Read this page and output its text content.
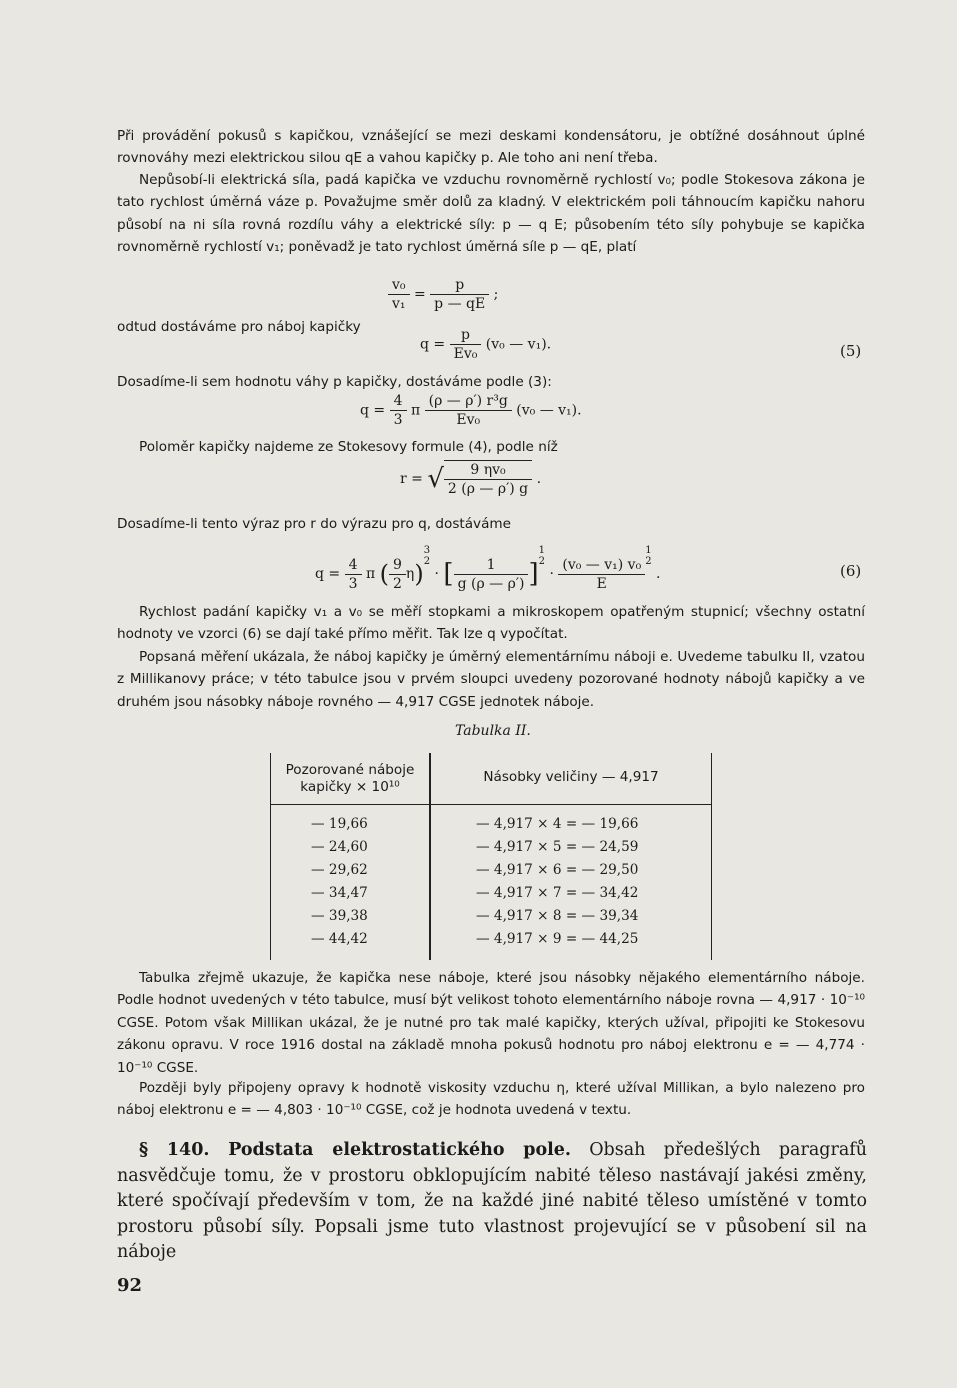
Při provádění pokusů s kapičkou, vznášející se mezi deskami kondensátoru, je obtížné dosáhnout úplné rovnováhy mezi elektrickou silou qE a vahou kapičky p. Ale toho ani není třeba.

Nepůsobí-li elektrická síla, padá kapička ve vzduchu rovnoměrně rychlostí v₀; podle Stokesova zákona je tato rychlost úměrná váze p. Považujme směr dolů za kladný. V elektrickém poli táhnoucím kapičku nahoru působí na ni síla rovná rozdílu váhy a elektrické síly: p — q E; působením této síly pohybuje se kapička rovnoměrně rychlostí v₁; poněvadž je tato rychlost úměrná síle p — qE, platí

$\frac{\text{v₀}}{\text{v₁}} = \frac{p}{p — qE}$ ;

odtud dostáváme pro náboj kapičky

$q = \frac{p}{\text{Ev₀}} (v_0$ — v₁).	(5)

Dosadíme-li sem hodnotu váhy p kapičky, dostáváme podle (3):

$q = \frac{4}{3}$ π $\frac{\text{(ρ — ρ′) r³g}}{\text{Ev₀}} (v_0$ — v₁).

Poloměr kapičky najdeme ze Stokesovy formule (4), podle níž

r = √ $\frac{\text{9 ηv₀}}{2 (\rho — \rho') g}$ .

Dosadíme-li tento výraz pro r do výrazu pro q, dostáváme

$q = \frac{4}{3}$ π ( $\frac{9}{2} \eta)^{3 2}$ · [ $\frac{1}{g (\rho — \rho')} ]^{1 2} \cdot \frac{\text{(v₀ — v₁) v₀}}{E}$
$^{1 2}$ .	(6)

Rychlost padání kapičky v₁ a v₀ se měří stopkami a mikroskopem opatřeným stupnicí; všechny ostatní hodnoty ve vzorci (6) se dají také přímo měřit. Tak lze q vypočítat.

Popsaná měření ukázala, že náboj kapičky je úměrný elementárnímu náboji e. Uvedeme tabulku II, vzatou z Millikanovy práce; v této tabulce jsou v prvém sloupci uvedeny pozorované hodnoty nábojů kapičky a ve druhém jsou násobky náboje rovného — 4,917 CGSE jednotek náboje.

Tabulka II.
Pozorované náboje
kapičky × 10¹⁰
Násobky veličiny — 4,917
— 19,66	— 4,917 × 4 = — 19,66
— 24,60	— 4,917 × 5 = — 24,59
— 29,62	— 4,917 × 6 = — 29,50
— 34,47	— 4,917 × 7 = — 34,42
— 39,38	— 4,917 × 8 = — 39,34
— 44,42	— 4,917 × 9 = — 44,25

Tabulka zřejmě ukazuje, že kapička nese náboje, které jsou násobky nějakého elementárního náboje. Podle hodnot uvedených v této tabulce, musí být velikost tohoto elementárního náboje rovna — 4,917 · 10⁻¹⁰ CGSE. Potom však Millikan ukázal, že je nutné pro tak malé kapičky, kterých užíval, připojiti ke Stokesovu zákonu opravu. V roce 1916 dostal na základě mnoha pokusů hodnotu pro náboj elektronu e = — 4,774 · 10⁻¹⁰ CGSE.

Později byly připojeny opravy k hodnotě viskosity vzduchu η, které užíval Millikan, a bylo nalezeno pro náboj elektronu e = — 4,803 · 10⁻¹⁰ CGSE, což je hodnota uvedená v textu.

§ 140. Podstata elektrostatického pole. Obsah předešlých paragrafů nasvědčuje tomu, že v prostoru obklopujícím nabité těleso nastávají jakési změny, které spočívají především v tom, že na každé jiné nabité těleso umístěné v tomto prostoru působí síly. Popsali jsme tuto vlastnost projevující se v působení sil na náboje

92
